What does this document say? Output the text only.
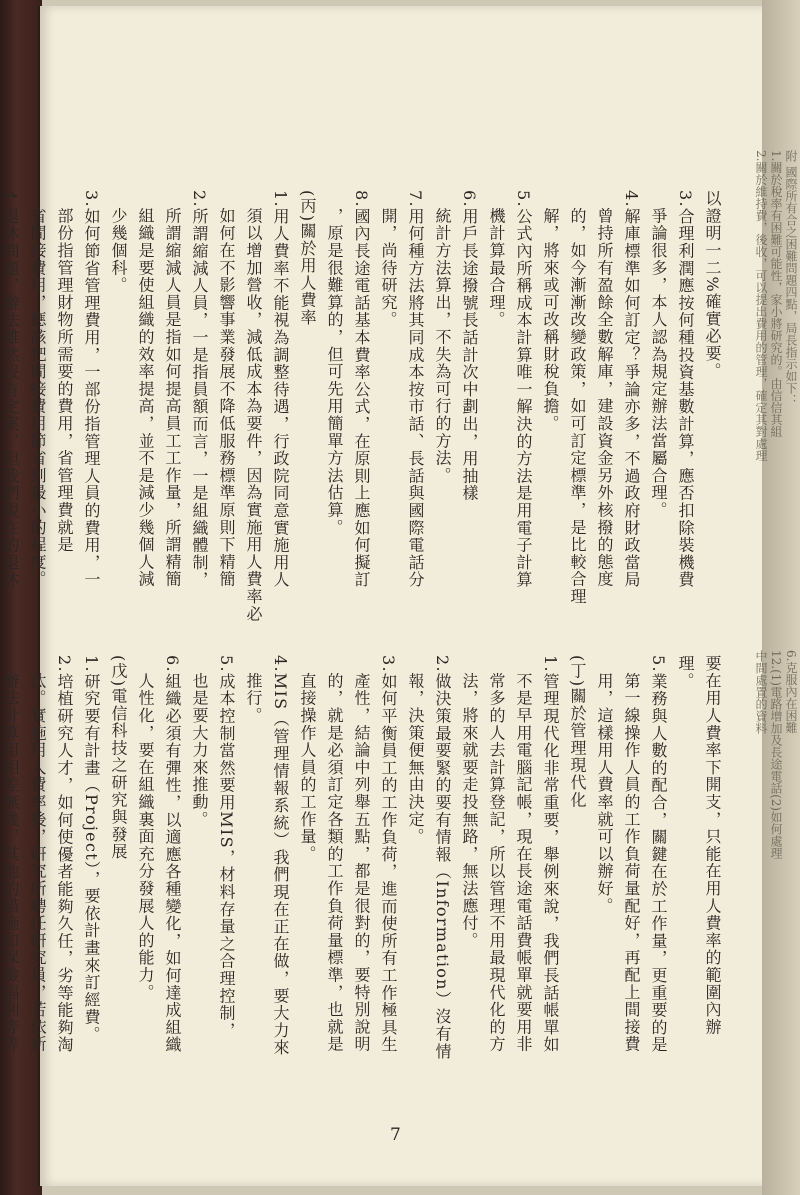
附 國際所有合之困難問題四點，局長指示如下：
1.關於稅率有困難可能性，家小將研究的。由信信其組
2.關於維持費，後收，可以提出費用的管理，確定其對處理
6.克服內在困難
12.(1)電路增加及長途電話(2)如何處理
中間處置的資料

以證明一二%確實必要。

3.合理利潤應按何種投資基數計算，應否扣除裝機費

　爭論很多，本人認為規定辦法當屬合理。

4.解庫標準如何訂定？爭論亦多，不過政府財政當局

　曾持所有盈餘全數解庫，建設資金另外核撥的態度

　的，如今漸漸改變政策，如可訂定標準，是比較合理

　解，將來或可改稱財稅負擔。

5.公式內所稱成本計算唯一解決的方法是用電子計算

　機計算最合理。

6.用戶長途撥號長話計次中劃出，用抽樣

　統計方法算出，不失為可行的方法。

7.用何種方法將其同成本按市話、長話與國際電話分

　開，尚待研究。

8.國內長途電話基本費率公式，在原則上應如何擬訂

　，原是很難算的，但可先用簡單方法估算。

(丙)關於用人費率

1.用人費率不能視為調整待遇，行政院同意實施用人

　須以增加營收，減低成本為要件，因為實施用人費率必

　如何在不影響事業發展不降低服務標準原則下精簡

2.所謂縮減人員，一是指員額而言，一是組織體制，

　所謂縮減人員是指如何提高員工工作量，所謂精簡

　組織是要使組織的效率提高，並不是減少幾個人減

　少幾個科。

3.如何節省管理費用，一部份指管理人員的費用，一

　部份指管理財物所需要的費用，省管理費就是

　省間接費用，應該把間接費用節省到最小的程度。

4.退休問題，辦法雖然沒有定案，但我們現在的退休

要在用人費率下開支，只能在用人費率的範圍內辦

理。

5.業務與人數的配合，關鍵在於工作量，更重要的是

　第一線操作人員的工作負荷量配好，再配上間接費

　用，這樣用人費率就可以辦好。

(丁)關於管理現代化

1.管理現代化非常重要，舉例來說，我們長話帳單如

　不是早用電腦記帳，現在長途電話費帳單就要用非

　常多的人去計算登記，所以管理不用最現代化的方

　法，將來就要走投無路，無法應付。

2.做決策最要緊的要有情報（Information）沒有情

　報，決策便無由決定。

3.如何平衡員工的工作負荷，進而使所有工作極具生

　產性，結論中列舉五點，都是很對的，要特別說明

　的，就是必須訂定各類的工作負荷量標準，也就是

　直接操作人員的工作量。

4.MIS（管理情報系統）我們現在正在做，要大力來

　推行。

5.成本控制當然要用MIS，材料存量之合理控制，

　也是要大力來推動。

6.組織必須有彈性，以適應各種變化，如何達成組織

　人性化，要在組織裏面充分發展人的能力。

(戊)電信科技之研究與發展

1.研究要有計畫（Project），要依計畫來訂經費。

2.培植研究人才，如何使優者能夠久任，劣等能夠淘

　汰。實施用人費率後，研究所聘任研究員，若依新

　辦法計算用相差無幾，其他的措施如保險福利等等

7
